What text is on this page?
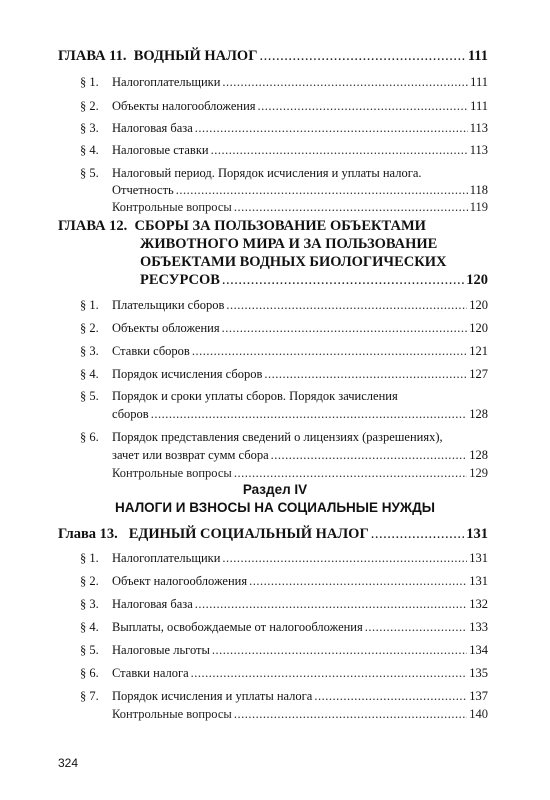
ГЛАВА 11. ВОДНЫЙ НАЛОГ .....	111
§ 1. Налогоплательщики .....	111
§ 2. Объекты налогообложения .....	111
§ 3. Налоговая база .....	113
§ 4. Налоговые ставки .....	113
§ 5. Налоговый период. Порядок исчисления и уплаты налога.
Отчетность .....	118
Контрольные вопросы .....	119
ГЛАВА 12. СБОРЫ ЗА ПОЛЬЗОВАНИЕ ОБЪЕКТАМИ
ЖИВОТНОГО МИРА И ЗА ПОЛЬЗОВАНИЕ
ОБЪЕКТАМИ ВОДНЫХ БИОЛОГИЧЕСКИХ
РЕСУРСОВ .....	120
§ 1. Плательщики сборов .....	120
§ 2. Объекты обложения .....	120
§ 3. Ставки сборов .....	121
§ 4. Порядок исчисления сборов .....	127
§ 5. Порядок и сроки уплаты сборов. Порядок зачисления
сборов .....	128
§ 6. Порядок представления сведений о лицензиях (разрешениях),
зачет или возврат сумм сбора .....	128
Контрольные вопросы .....	129
Раздел IV
НАЛОГИ И ВЗНОСЫ НА СОЦИАЛЬНЫЕ НУЖДЫ
Глава 13. ЕДИНЫЙ СОЦИАЛЬНЫЙ НАЛОГ .....	131
§ 1. Налогоплательщики .....	131
§ 2. Объект налогообложения .....	131
§ 3. Налоговая база .....	132
§ 4. Выплаты, освобождаемые от налогообложения .....	133
§ 5. Налоговые льготы .....	134
§ 6. Ставки налога .....	135
§ 7. Порядок исчисления и уплаты налога .....	137
Контрольные вопросы .....	140
324
